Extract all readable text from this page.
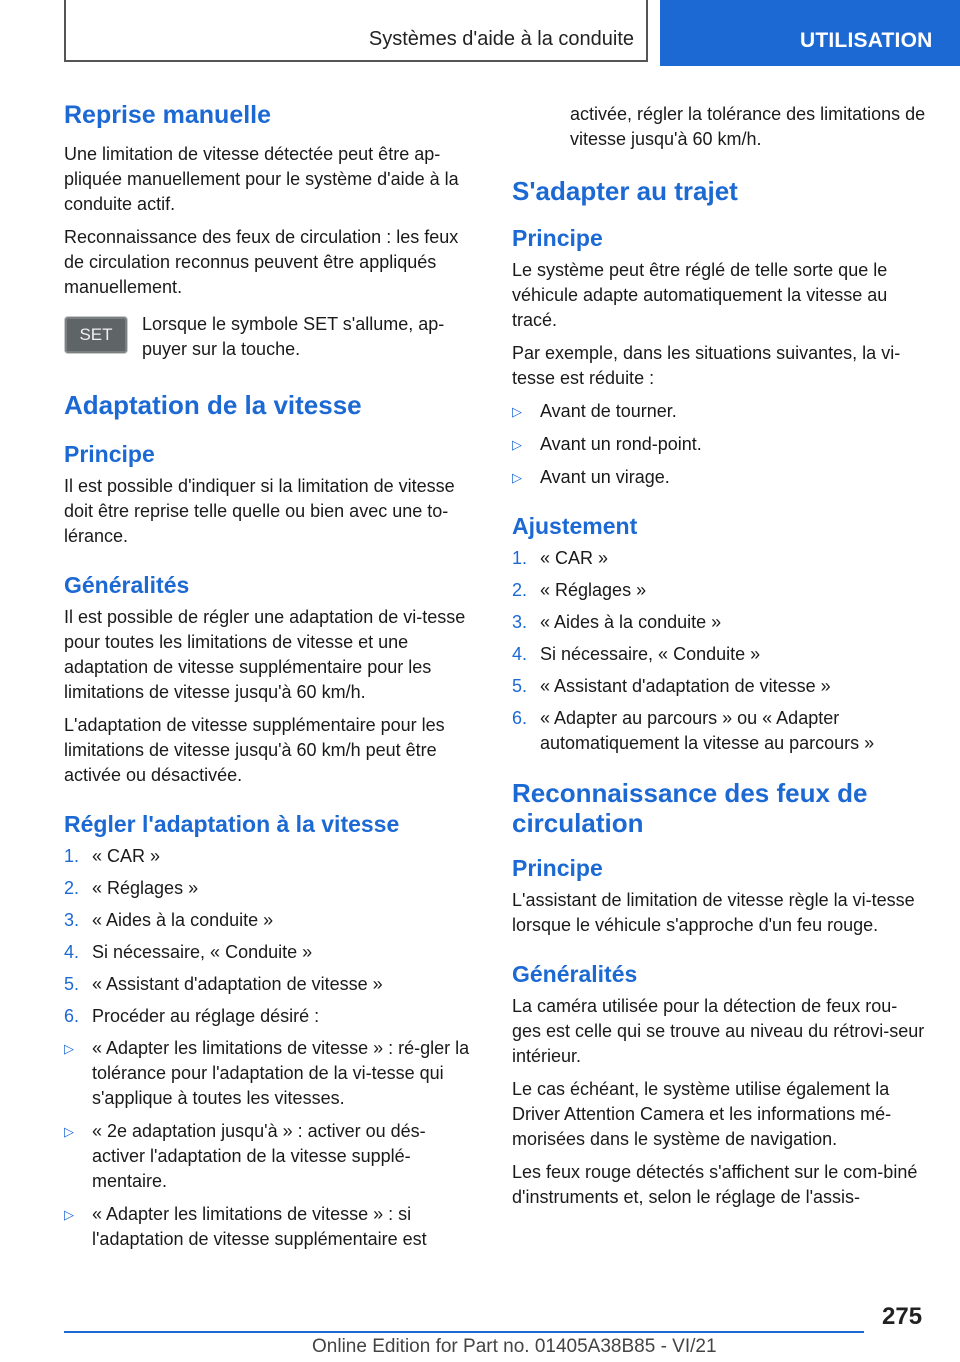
Systèmes d'aide à la conduite	UTILISATION
Reprise manuelle

Une limitation de vitesse détectée peut être ap-pliquée manuellement pour le système d'aide à la conduite actif.

Reconnaissance des feux de circulation : les feux de circulation reconnus peuvent être appliqués manuellement.

SET
Lorsque le symbole SET s'allume, ap-puyer sur la touche.
Adaptation de la vitesse
Principe

Il est possible d'indiquer si la limitation de vitesse doit être reprise telle quelle ou bien avec une to-lérance.

Généralités

Il est possible de régler une adaptation de vi-tesse pour toutes les limitations de vitesse et une adaptation de vitesse supplémentaire pour les limitations de vitesse jusqu'à 60 km/h.

L'adaptation de vitesse supplémentaire pour les limitations de vitesse jusqu'à 60 km/h peut être activée ou désactivée.

Régler l'adaptation à la vitesse
1. « CAR »
2. « Réglages »
3. « Aides à la conduite »
4. Si nécessaire, « Conduite »
5. « Assistant d'adaptation de vitesse »
6. Procéder au réglage désiré :
▷	« Adapter les limitations de vitesse » : ré-gler la tolérance pour l'adaptation de la vi-tesse qui s'applique à toutes les vitesses.
▷	« 2e adaptation jusqu'à » : activer ou dés-activer l'adaptation de la vitesse supplé-mentaire.
▷	« Adapter les limitations de vitesse » : si l'adaptation de vitesse supplémentaire est

activée, régler la tolérance des limitations de vitesse jusqu'à 60 km/h.

S'adapter au trajet
Principe

Le système peut être réglé de telle sorte que le véhicule adapte automatiquement la vitesse au tracé.

Par exemple, dans les situations suivantes, la vi-tesse est réduite :

▷	Avant de tourner.
▷	Avant un rond-point.
▷	Avant un virage.
Ajustement
1. « CAR »
2. « Réglages »
3. « Aides à la conduite »
4. Si nécessaire, « Conduite »
5. « Assistant d'adaptation de vitesse »
6. « Adapter au parcours » ou « Adapter automatiquement la vitesse au parcours »
Reconnaissance des feux de circulation
Principe

L'assistant de limitation de vitesse règle la vi-tesse lorsque le véhicule s'approche d'un feu rouge.

Généralités

La caméra utilisée pour la détection de feux rou-ges est celle qui se trouve au niveau du rétrovi-seur intérieur.

Le cas échéant, le système utilise également la Driver Attention Camera et les informations mé-morisées dans le système de navigation.

Les feux rouge détectés s'affichent sur le com-biné d'instruments et, selon le réglage de l'assis-

275
Online Edition for Part no. 01405A38B85 - VI/21
